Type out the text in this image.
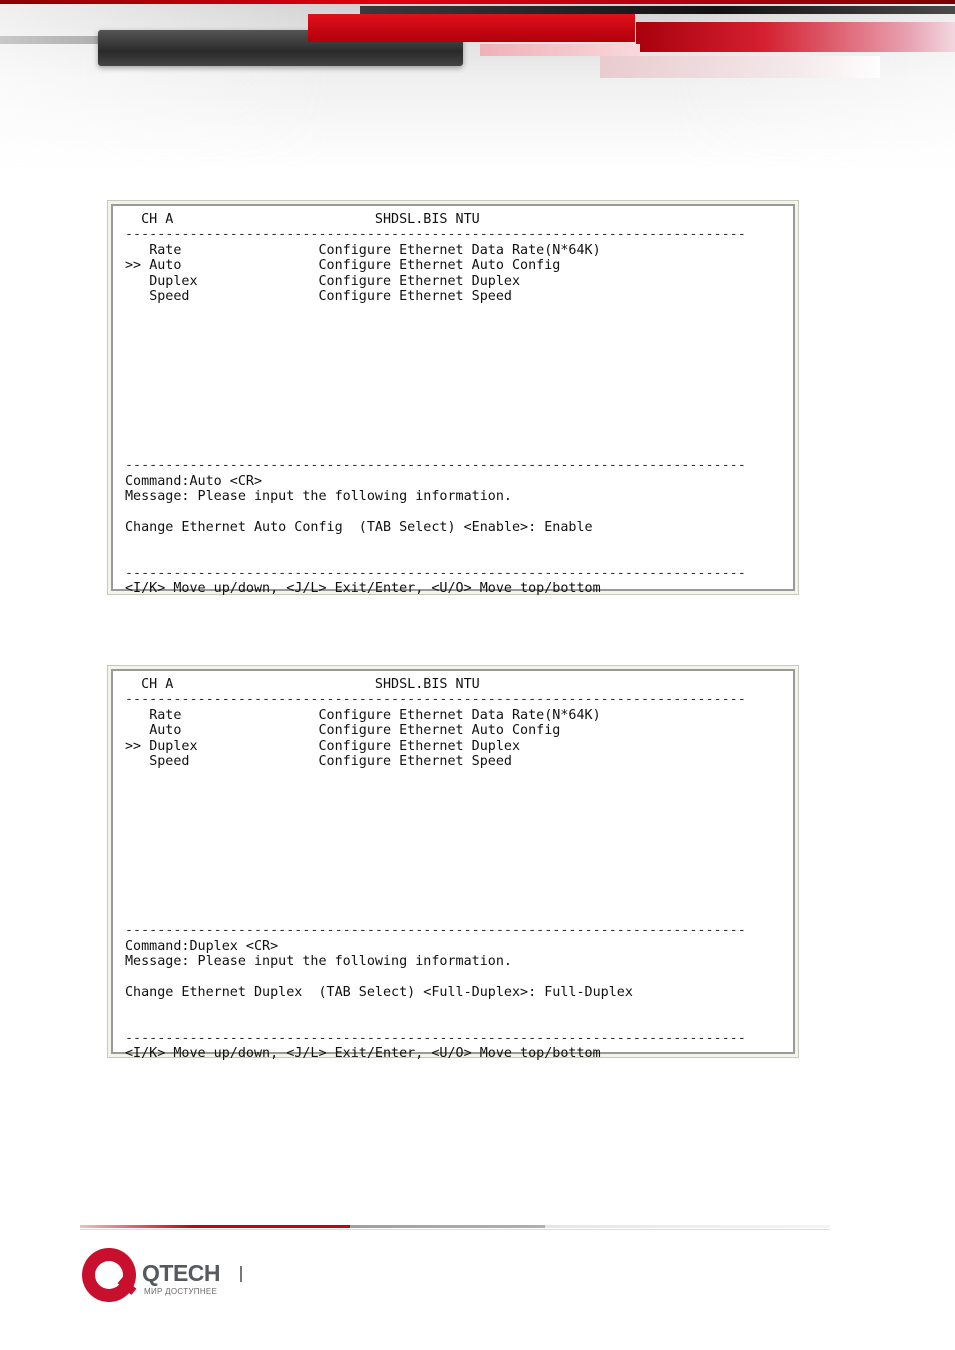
CH A	SHDSL.BIS NTU
-----------------------------------------------------------------------------
Rate	Configure Ethernet Data Rate(N*64K)
>> Auto	Configure Ethernet Auto Config
Duplex	Configure Ethernet Duplex
Speed	Configure Ethernet Speed

-----------------------------------------------------------------------------
Command:Auto <CR>
Message: Please input the following information.

Change Ethernet Auto Config  (TAB Select) <Enable>: Enable

-----------------------------------------------------------------------------
<I/K> Move up/down, <J/L> Exit/Enter, <U/O> Move top/bottom
CH A	SHDSL.BIS NTU
-----------------------------------------------------------------------------
Rate	Configure Ethernet Data Rate(N*64K)
Auto	Configure Ethernet Auto Config
>> Duplex	Configure Ethernet Duplex
Speed	Configure Ethernet Speed

-----------------------------------------------------------------------------
Command:Duplex <CR>
Message: Please input the following information.

Change Ethernet Duplex  (TAB Select) <Full-Duplex>: Full-Duplex

-----------------------------------------------------------------------------
<I/K> Move up/down, <J/L> Exit/Enter, <U/O> Move top/bottom
QTECH
МИР ДОСТУПНЕЕ
